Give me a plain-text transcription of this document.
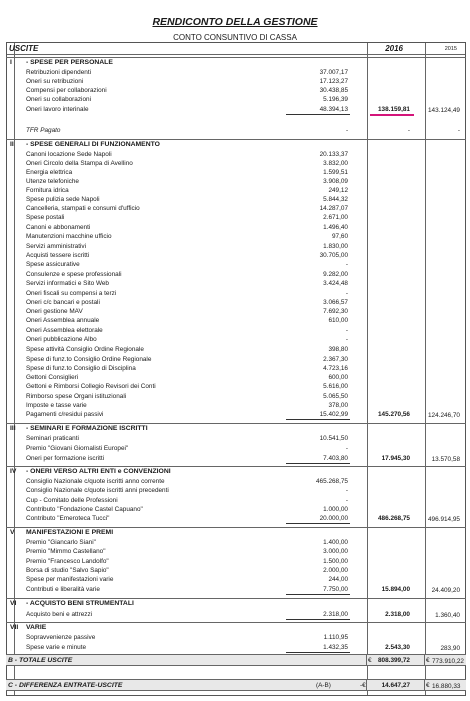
RENDICONTO DELLA GESTIONE
CONTO CONSUNTIVO DI CASSA
USCITE	2016	2015
I - SPESE PER PERSONALE
Retribuzioni dipendenti	37.007,17
Oneri su retribuzioni	17.123,27
Compensi per collaborazioni	30.438,85
Oneri su collaborazioni	5.196,39
Oneri lavoro interinale	48.394,13	138.159,81	143.124,49
TFR Pagato	-	-	-
II - SPESE GENERALI DI FUNZIONAMENTO
Canoni locazione Sede Napoli	20.133,37
Oneri Circolo della Stampa di Avellino	3.832,00
Energia elettrica	1.599,51
Utenze telefoniche	3.908,09
Fornitura idrica	249,12
Spese pulizia sede Napoli	5.844,32
Cancelleria, stampati e consumi d'ufficio	14.287,07
Spese postali	2.671,00
Canoni e abbonamenti	1.496,40
Manutenzioni macchine ufficio	97,60
Servizi amministrativi	1.830,00
Acquisti tessere iscritti	30.705,00
Spese assicurative	-
Consulenze e spese professionali	9.282,00
Servizi informatici e Sito Web	3.424,48
Oneri fiscali su compensi a terzi	-
Oneri c/c bancari e postali	3.066,57
Oneri gestione MAV	7.692,30
Oneri Assemblea annuale	610,00
Oneri Assemblea elettorale	-
Oneri pubblicazione Albo	-
Spese attività Consiglio Ordine Regionale	398,80
Spese di funz.to Consiglio Ordine Regionale	2.367,30
Spese di funz.to Consiglio di Disciplina	4.723,16
Gettoni Consiglieri	600,00
Gettoni e Rimborsi Collegio Revisori dei Conti	5.616,00
Rimborso spese Organi istituzionali	5.065,50
Imposte e tasse varie	378,00
Pagamenti c/residui passivi	15.402,99	145.270,56	124.246,70
III - SEMINARI E FORMAZIONE ISCRITTI
Seminari praticanti	10.541,50
Premio "Giovani Giornalisti Europei"	-
Oneri per formazione iscritti	7.403,80	17.945,30	13.570,58
IV - ONERI VERSO ALTRI ENTI e CONVENZIONI
Consiglio Nazionale c/quote iscritti anno corrente	465.268,75
Consiglio Nazionale c/quote iscritti anni precedenti	-
Cup - Comitato delle Professioni	-
Contributo "Fondazione Castel Capuano"	1.000,00
Contributo "Emeroteca Tucci"	20.000,00	486.268,75	496.914,95
V MANIFESTAZIONI E PREMI
Premio "Giancarlo Siani"	1.400,00
Premio "Mimmo Castellano"	3.000,00
Premio "Francesco Landolfo"	1.500,00
Borsa di studio "Salvo Sapio"	2.000,00
Spese per manifestazioni varie	244,00
Contributi e liberalità varie	7.750,00	15.894,00	24.409,20
VI - ACQUISTO BENI STRUMENTALI
Acquisto beni e attrezzi	2.318,00	2.318,00	1.360,40
VII VARIE
Sopravvenienze passive	1.110,95
Spese varie e minute	1.432,35	2.543,30	283,90
B - TOTALE USCITE	€	808.399,72	€ 773.910,22
C - DIFFERENZA ENTRATE-USCITE	(A-B)	-€	14.647,27	€ 16.880,33
